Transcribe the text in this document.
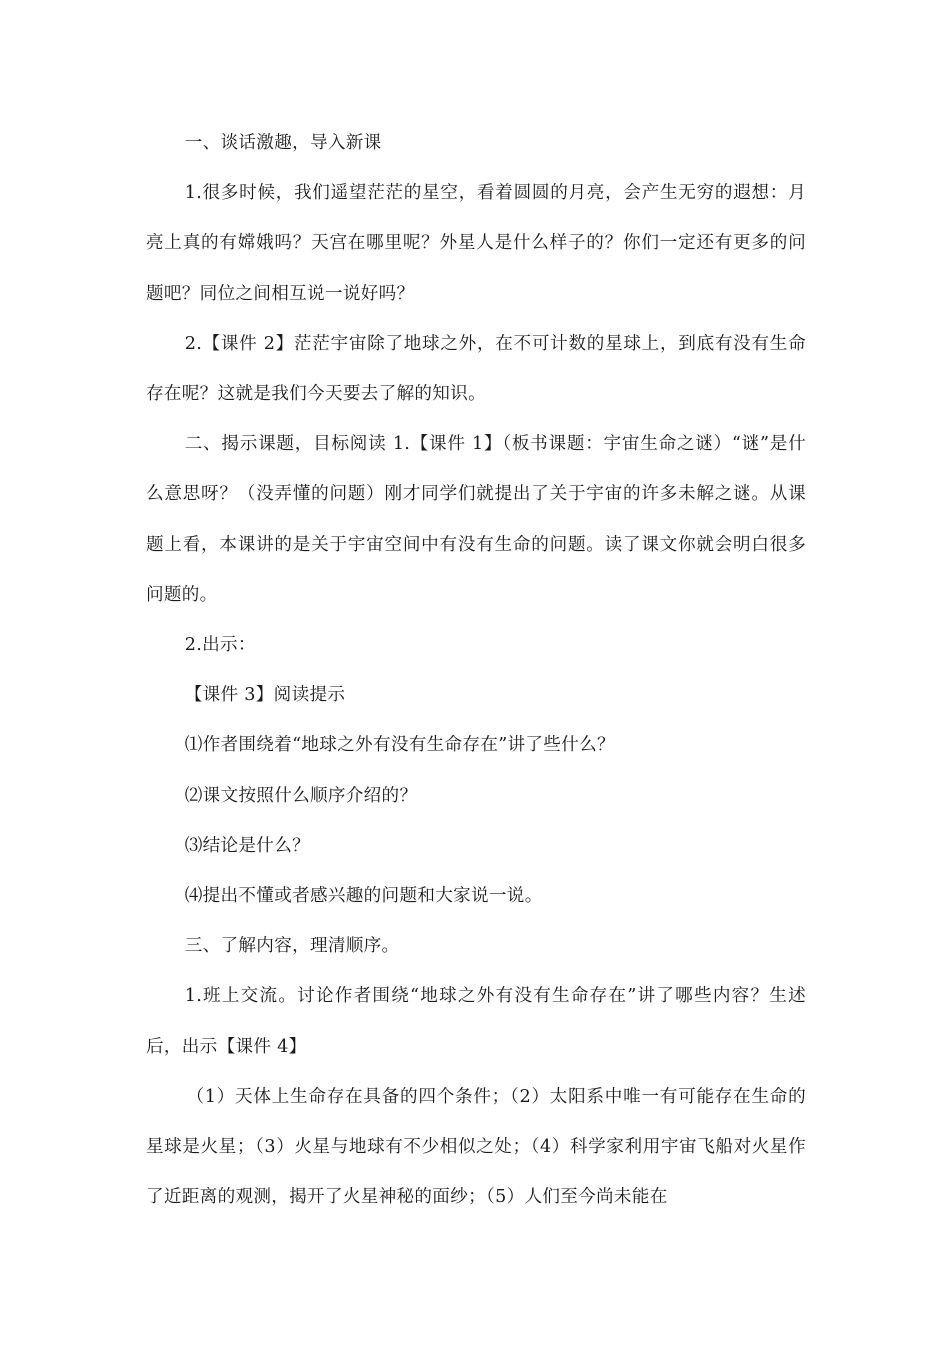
一、谈话激趣，导入新课

1.很多时候，我们遥望茫茫的星空，看着圆圆的月亮，会产生无穷的遐想：月亮上真的有嫦娥吗？天宫在哪里呢？外星人是什么样子的？你们一定还有更多的问题吧？同位之间相互说一说好吗？

2.【课件 2】茫茫宇宙除了地球之外，在不可计数的星球上，到底有没有生命存在呢？这就是我们今天要去了解的知识。

二、揭示课题，目标阅读 1.【课件 1】（板书课题：宇宙生命之谜）“谜”是什么意思呀？（没弄懂的问题）刚才同学们就提出了关于宇宙的许多未解之谜。从课题上看，本课讲的是关于宇宙空间中有没有生命的问题。读了课文你就会明白很多问题的。

2.出示：

【课件 3】阅读提示

⑴作者围绕着“地球之外有没有生命存在”讲了些什么？

⑵课文按照什么顺序介绍的？

⑶结论是什么？

⑷提出不懂或者感兴趣的问题和大家说一说。

三、了解内容，理清顺序。

1.班上交流。讨论作者围绕“地球之外有没有生命存在”讲了哪些内容？生述后，出示【课件 4】

（1）天体上生命存在具备的四个条件；（2）太阳系中唯一有可能存在生命的星球是火星；（3）火星与地球有不少相似之处；（4）科学家利用宇宙飞船对火星作了近距离的观测，揭开了火星神秘的面纱；（5）人们至今尚未能在
